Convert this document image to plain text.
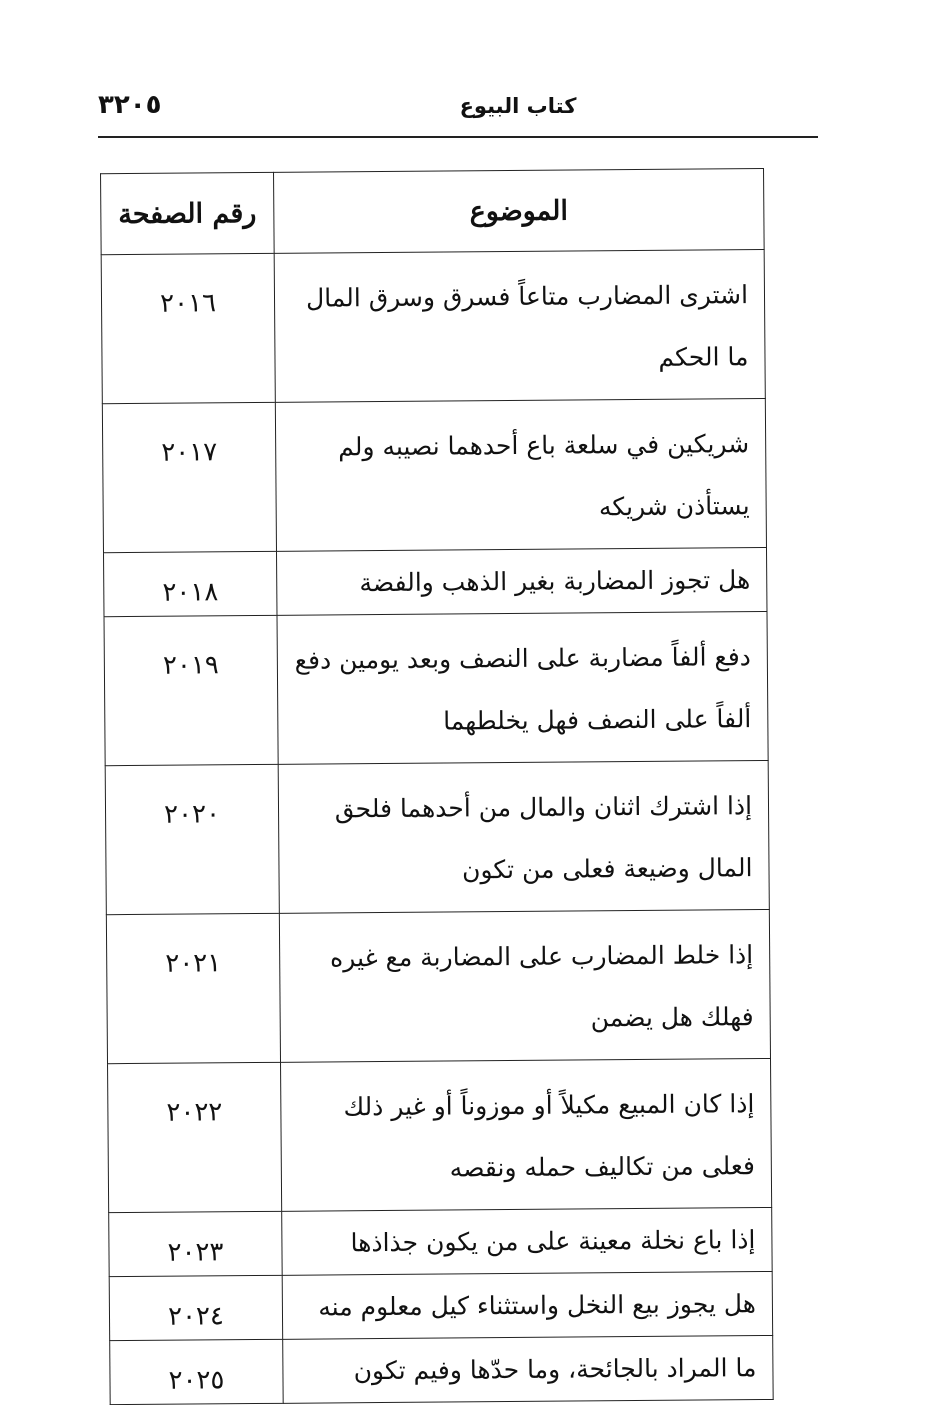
٣٢٠٥	كتاب البيوع
الموضوع	رقم الصفحة
اشترى المضارب متاعاً فسرق وسرق المال ما الحكم	٢٠١٦
شريكين في سلعة باع أحدهما نصيبه ولم يستأذن شريكه	٢٠١٧
هل تجوز المضاربة بغير الذهب والفضة	٢٠١٨
دفع ألفاً مضاربة على النصف وبعد يومين دفع ألفاً على النصف فهل يخلطهما	٢٠١٩
إذا اشترك اثنان والمال من أحدهما فلحق المال وضيعة فعلى من تكون	٢٠٢٠
إذا خلط المضارب على المضاربة مع غيره فهلك هل يضمن	٢٠٢١
إذا كان المبيع مكيلاً أو موزوناً أو غير ذلك فعلى من تكاليف حمله ونقصه	٢٠٢٢
إذا باع نخلة معينة على من يكون جذاذها	٢٠٢٣
هل يجوز بيع النخل واستثناء كيل معلوم منه	٢٠٢٤
ما المراد بالجائحة، وما حدّها وفيم تكون	٢٠٢٥
